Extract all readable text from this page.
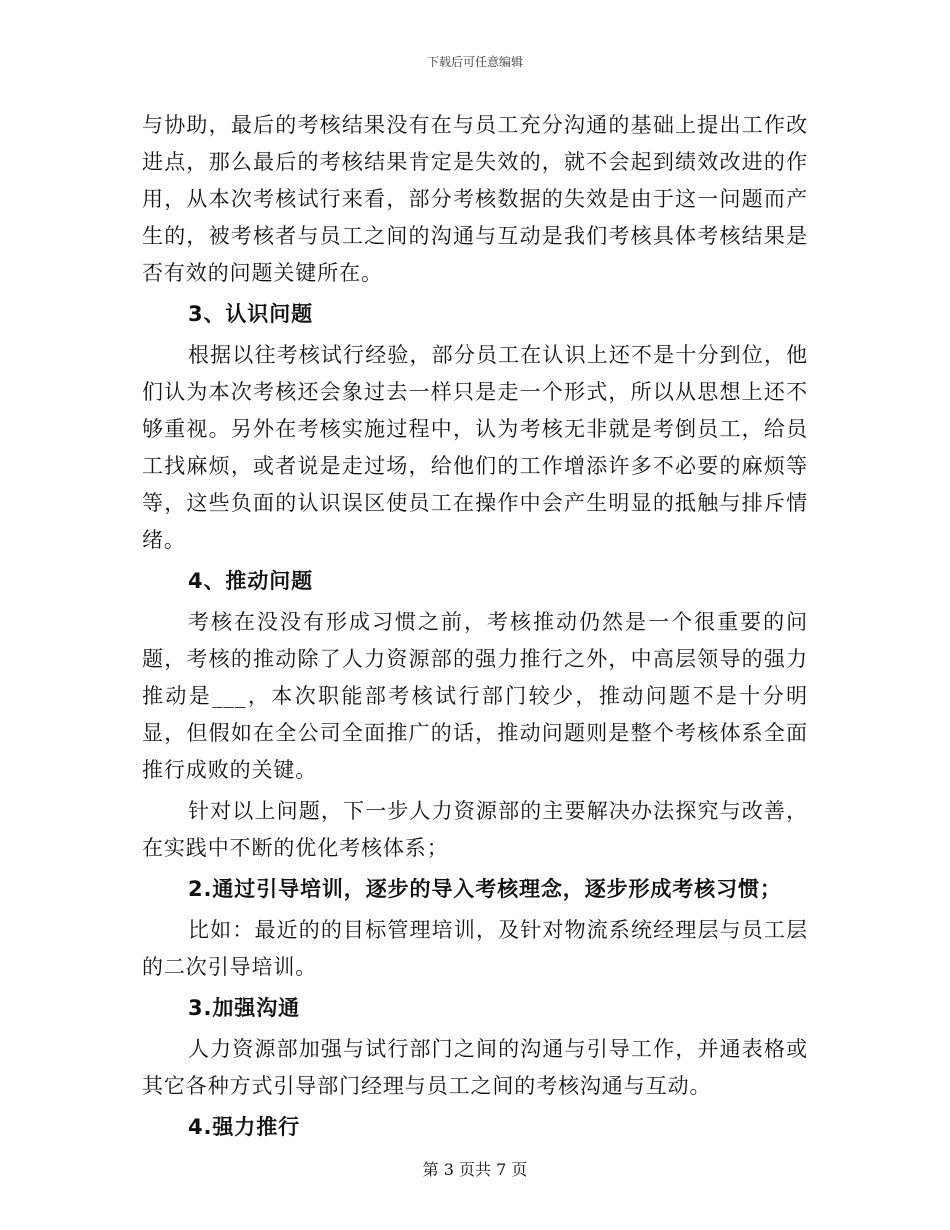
下载后可任意编辑

与协助，最后的考核结果没有在与员工充分沟通的基础上提出工作改进点，那么最后的考核结果肯定是失效的，就不会起到绩效改进的作用，从本次考核试行来看，部分考核数据的失效是由于这一问题而产生的，被考核者与员工之间的沟通与互动是我们考核具体考核结果是否有效的问题关键所在。

3、认识问题

根据以往考核试行经验，部分员工在认识上还不是十分到位，他们认为本次考核还会象过去一样只是走一个形式，所以从思想上还不够重视。另外在考核实施过程中，认为考核无非就是考倒员工，给员工找麻烦，或者说是走过场，给他们的工作增添许多不必要的麻烦等等，这些负面的认识误区使员工在操作中会产生明显的抵触与排斥情绪。

4、推动问题

考核在没没有形成习惯之前，考核推动仍然是一个很重要的问题，考核的推动除了人力资源部的强力推行之外，中高层领导的强力推动是___，本次职能部考核试行部门较少，推动问题不是十分明显，但假如在全公司全面推广的话，推动问题则是整个考核体系全面推行成败的关键。

针对以上问题，下一步人力资源部的主要解决办法探究与改善，在实践中不断的优化考核体系；

2.通过引导培训，逐步的导入考核理念，逐步形成考核习惯；

比如：最近的的目标管理培训，及针对物流系统经理层与员工层的二次引导培训。

3.加强沟通

人力资源部加强与试行部门之间的沟通与引导工作，并通表格或其它各种方式引导部门经理与员工之间的考核沟通与互动。

4.强力推行
第 3 页共 7 页
